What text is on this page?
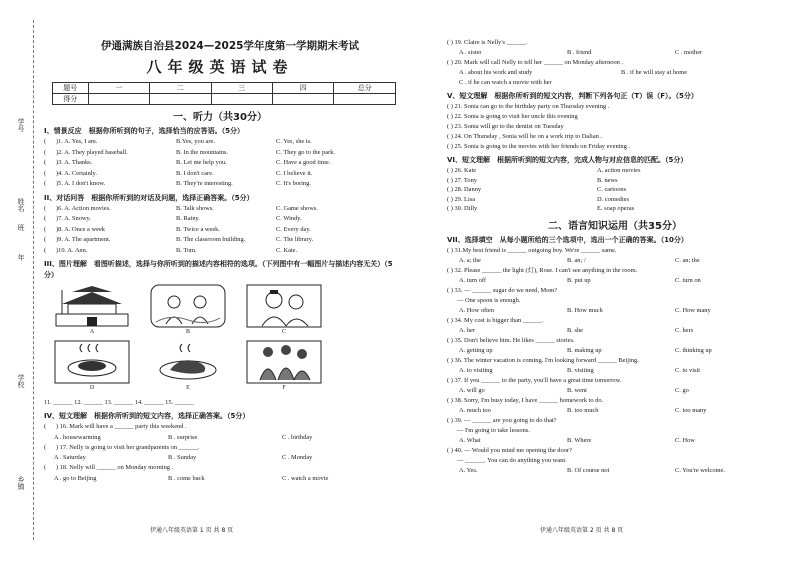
学号
姓名
年
班
学校
乡镇
伊通满族自治县2024—2025学年度第一学期期末考试
八年级英语试卷
题号	一	二	三	四	总分
得分					
一、听力（共30分）
I、情景反应　根据你所听到的句子，选择恰当的应答语。（5分）
(	)1. A. Yes, I am.	B.Yes, you are.	C. Yes, she is.
(	)2. A. They played baseball.	B. In the mountains.	C. They go to the park.
(	)3. A. Thanks.	B. Let me help you.	C. Have a good time.
(	)4. A. Certainly.	B. I don't care.	C. I believe it.
(	)5. A. I don't know.	B. They're interesting.	C. It's boring.
II、对话问答　根据你所听到的对话及问题，选择正确答案。（5分）
(	)6. A. Action movies.	B. Talk shows.	C. Game shows.
(	)7. A. Snowy.	B. Rainy.	C. Windy.
(	)8. A. Once a week	B. Twice a week.	C. Every day.
(	)9. A. The apartment.	B. The classroom building.	C. The library.
(	)10. A. Ann.	B. Tom.	C. Kate.
III、图片理解　看图听描述，选择与你所听到的描述内容相符的选项。（下列图中有一幅图片与描述内容无关）（5分）
A	B	C
D	E	F
11. ______ 12. ______ 13. ______ 14. ______ 15. ______
IV、短文理解　根据你所听到的短文内容，选择正确答案。（5分）
(	) 16. Mark will have a ______ party this weekend .
A . housewarming	B . surprise	C . birthday
(	) 17. Nelly is going to visit her grandparents on ______.
A . Saturday	B . Sunday	C . Monday
(	) 18. Nelly will ______ on Monday morning .
A . go to Beijing	B . come back	C . watch a movie
伊通八年级英语第 1 页 共 8 页
( ) 19. Claire is Nelly's ______.
A . sister	B . friend	C . mother
( ) 20. Mark will call Nelly to tell her ______ on Monday afternoon .
A . about his work and study	B . if he will stay at home
C . if he can watch a movie with her
V、短文理解　根据你所听到的短文内容，判断下列各句正（T）误（F）。（5分）
( ) 21. Sonia can go to the birthday party on Thursday evening .
( ) 22. Sonia is going to visit her uncle this evening
( ) 23. Sonia will go to the dentist on Tuesday
( ) 24. On Thursday , Sonia will be on a work trip to Dalian .
( ) 25. Sonia is going to the movies with her friends on Friday evening .
VI、短文理解　根据所听到的短文内容，完成人物与对应信息的匹配。（5分）
( ) 26. Kate	A. action movies
( ) 27. Tony	B. news
( ) 28. Danny	C. cartoons
( ) 29. Lisa	D. comedies
( ) 30. Dilly	E. soap operas
二、语言知识运用（共35分）
VII、选择填空　从每小题所给的三个选项中，选出一个正确的答案。（10分）
( ) 31.My best friend is ______ outgoing boy. We're ______ same.
A. a; the	B. an; /	C. an; the
( ) 32. Please ______ the light (灯), Rose. I can't see anything in the room.
A. turn off	B. put up	C. turn on
( ) 33. — ______ sugar do we need, Mom?
— One spoon is enough.
A. How often	B. How much	C. How many
( ) 34. My cost is bigger than ______.
A. her	B. she	C. hers
( ) 35. Don't believe him. He likes ______ stories.
A. getting up	B. making up	C. thinking up
( ) 36. The winter vacation is coming. I'm looking forward ______ Beijing.
A. to visiting	B. visiting	C. to visit
( ) 37. If you ______ to the party, you'll have a great time tomorrow.
A. will go	B. went	C. go
( ) 38. Sorry, I'm busy today, I have ______ homework to do.
A. much too	B. too much	C. too many
( ) 39. — ______ are you going to do that?
— I'm going to take lessons.
A. What	B. Where	C. How
( ) 40. — Would you mind me opening the door?
— ______. You can do anything you want.
A. Yes.	B. Of course not	C. You're welcome.
伊通八年级英语第 2 页 共 8 页
